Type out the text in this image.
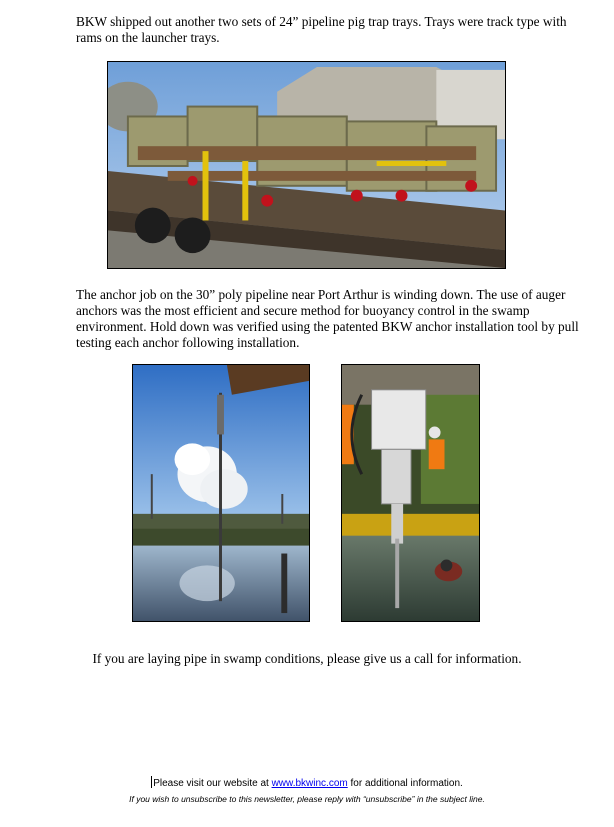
BKW shipped out another two sets of 24” pipeline pig trap trays. Trays were track type with rams on the launcher trays.

The anchor job on the 30” poly pipeline near Port Arthur is winding down. The use of auger anchors was the most efficient and secure method for buoyancy control in the swamp environment. Hold down was verified using the patented BKW anchor installation tool by pull testing each anchor following installation.

If you are laying pipe in swamp conditions, please give us a call for information.

Please visit our website at www.bkwinc.com for additional information.
If you wish to unsubscribe to this newsletter, please reply with “unsubscribe” in the subject line.
